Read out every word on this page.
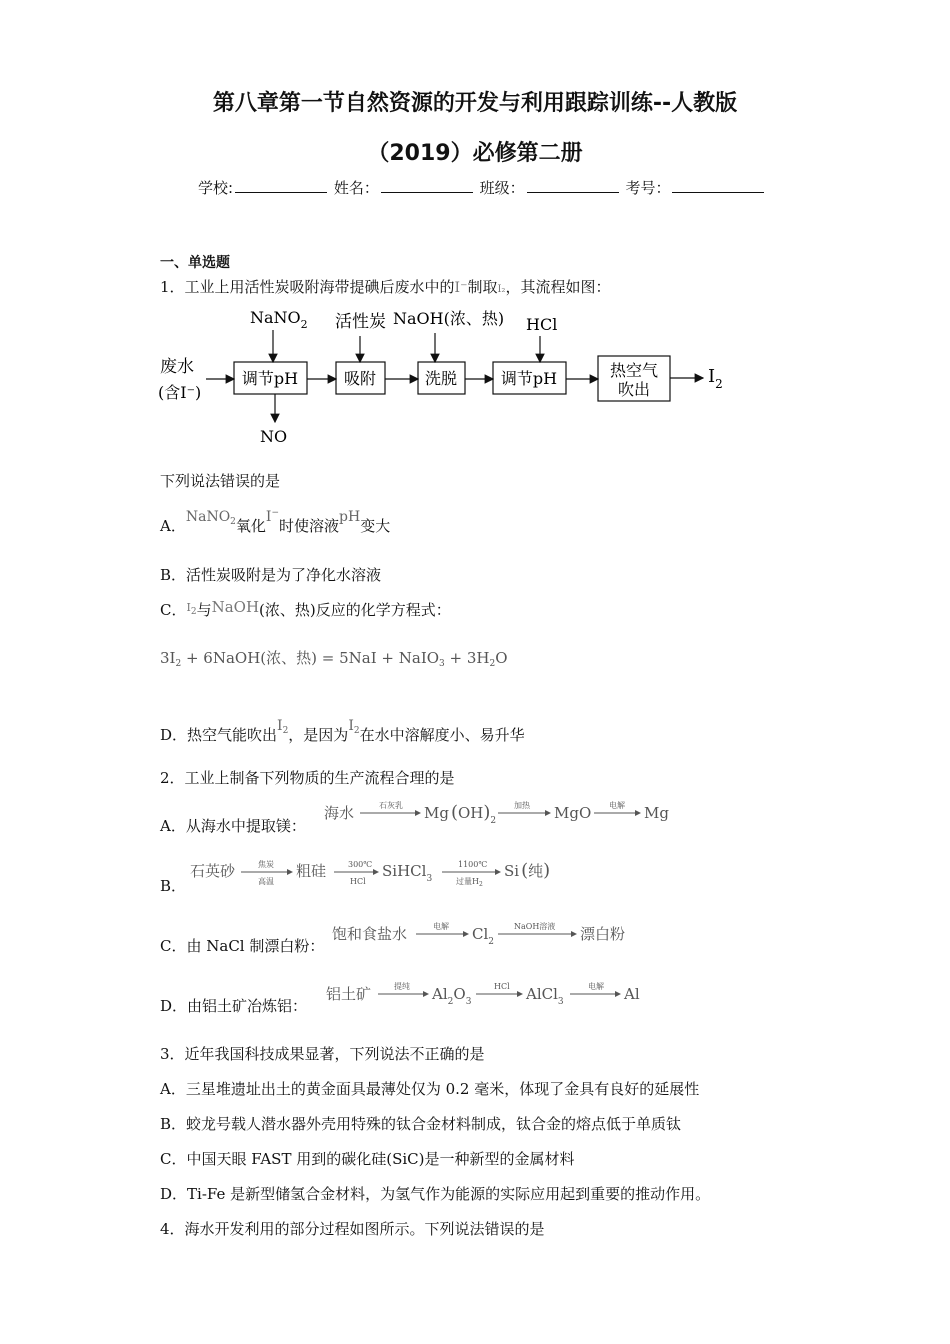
第八章第一节自然资源的开发与利用跟踪训练--人教版
（2019）必修第二册
学校:	姓名：	班级：	考号：
一、单选题
1．工业上用活性炭吸附海带提碘后废水中的I⁻制取I₂，其流程如图：
废水
(含I⁻)
调节pH	吸附	洗脱	调节pH	热空气
吹出
$I_2$
NaNO$_2$ 活性炭 NaOH(浓、热) HCl
NO
下列说法错误的是
A．NaNO$_2$氧化I−时使溶液pH变大
B．活性炭吸附是为了净化水溶液
C．$^{I_2}$与NaOH(浓、热)反应的化学方程式：
$3I_2$ + 6NaOH(浓、热) = 5NaI + NaIO$_3$ + $3H_2O$
D．热空气能吹出$I_2$，是因为$I_2$在水中溶解度小、易升华
2．工业上制备下列物质的生产流程合理的是
A．从海水中提取镁：
海水	石灰乳 Mg $(OH)_2$
加热 MgO 电解 Mg
B．
石英砂	焦炭
高温
粗硅	300℃
HCl
SiHCl$_3$
1100℃
过量$H_2$
Si (纯)
C．由 NaCl 制漂白粉：
饱和食盐水	电解 $Cl_2$
NaOH溶液 漂白粉
D．由铝土矿冶炼铝：
铝土矿	提纯 $Al_2O_3$
HCl AlCl$_3$
电解 Al
3．近年我国科技成果显著，下列说法不正确的是
A．三星堆遗址出土的黄金面具最薄处仅为 0.2 毫米，体现了金具有良好的延展性
B．蛟龙号载人潜水器外壳用特殊的钛合金材料制成，钛合金的熔点低于单质钛
C．中国天眼 FAST 用到的碳化硅(SiC)是一种新型的金属材料
D．Ti-Fe 是新型储氢合金材料，为氢气作为能源的实际应用起到重要的推动作用。
4．海水开发利用的部分过程如图所示。下列说法错误的是
